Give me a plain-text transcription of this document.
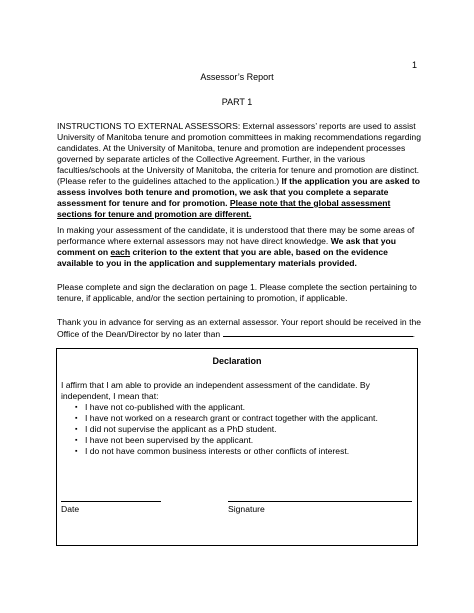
1
Assessor’s Report
PART 1
INSTRUCTIONS TO EXTERNAL ASSESSORS: External assessors’ reports are used to assist University of Manitoba tenure and promotion committees in making recommendations regarding candidates. At the University of Manitoba, tenure and promotion are independent processes governed by separate articles of the Collective Agreement. Further, in the various faculties/schools at the University of Manitoba, the criteria for tenure and promotion are distinct. (Please refer to the guidelines attached to the application.) If the application you are asked to assess involves both tenure and promotion, we ask that you complete a separate assessment for tenure and for promotion. Please note that the global assessment sections for tenure and promotion are different.
In making your assessment of the candidate, it is understood that there may be some areas of performance where external assessors may not have direct knowledge. We ask that you comment on each criterion to the extent that you are able, based on the evidence available to you in the application and supplementary materials provided.
Please complete and sign the declaration on page 1. Please complete the section pertaining to tenure, if applicable, and/or the section pertaining to promotion, if applicable.
Thank you in advance for serving as an external assessor. Your report should be received in the Office of the Dean/Director by no later than	.
Declaration
I affirm that I am able to provide an independent assessment of the candidate. By independent, I mean that:
▪ I have not co-published with the applicant.
▪ I have not worked on a research grant or contract together with the applicant.
▪ I did not supervise the applicant as a PhD student.
▪ I have not been supervised by the applicant.
▪ I do not have common business interests or other conflicts of interest.
Date	Signature
